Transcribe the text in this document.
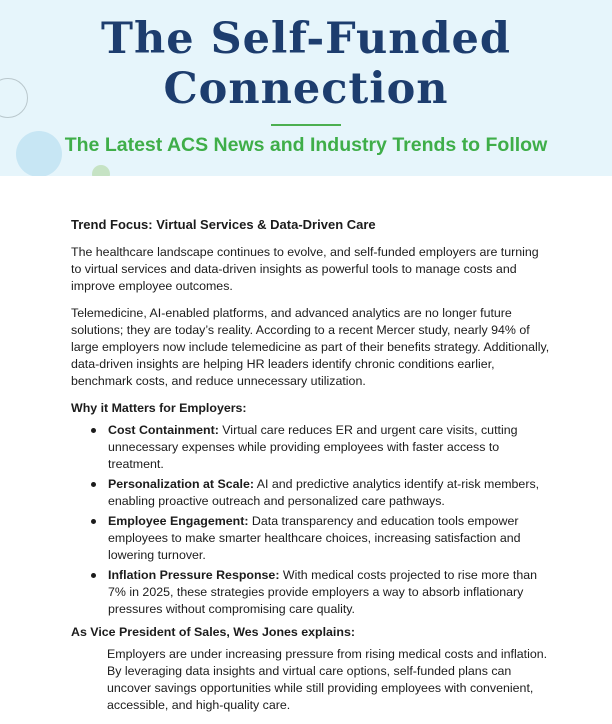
The Self-Funded
Connection

The Latest ACS News and Industry Trends to Follow

Trend Focus: Virtual Services & Data-Driven Care

The healthcare landscape continues to evolve, and self-funded employers are turning to virtual services and data-driven insights as powerful tools to manage costs and improve employee outcomes.

Telemedicine, AI-enabled platforms, and advanced analytics are no longer future solutions; they are today’s reality. According to a recent Mercer study, nearly 94% of large employers now include telemedicine as part of their benefits strategy. Additionally, data-driven insights are helping HR leaders identify chronic conditions earlier, benchmark costs, and reduce unnecessary utilization.

Why it Matters for Employers:
Cost Containment: Virtual care reduces ER and urgent care visits, cutting unnecessary expenses while providing employees with faster access to treatment.
Personalization at Scale: AI and predictive analytics identify at-risk members, enabling proactive outreach and personalized care pathways.
Employee Engagement: Data transparency and education tools empower employees to make smarter healthcare choices, increasing satisfaction and lowering turnover.
Inflation Pressure Response: With medical costs projected to rise more than 7% in 2025, these strategies provide employers a way to absorb inflationary pressures without compromising care quality.
As Vice President of Sales, Wes Jones explains:

Employers are under increasing pressure from rising medical costs and inflation. By leveraging data insights and virtual care options, self-funded plans can uncover savings opportunities while still providing employees with convenient, accessible, and high-quality care.
